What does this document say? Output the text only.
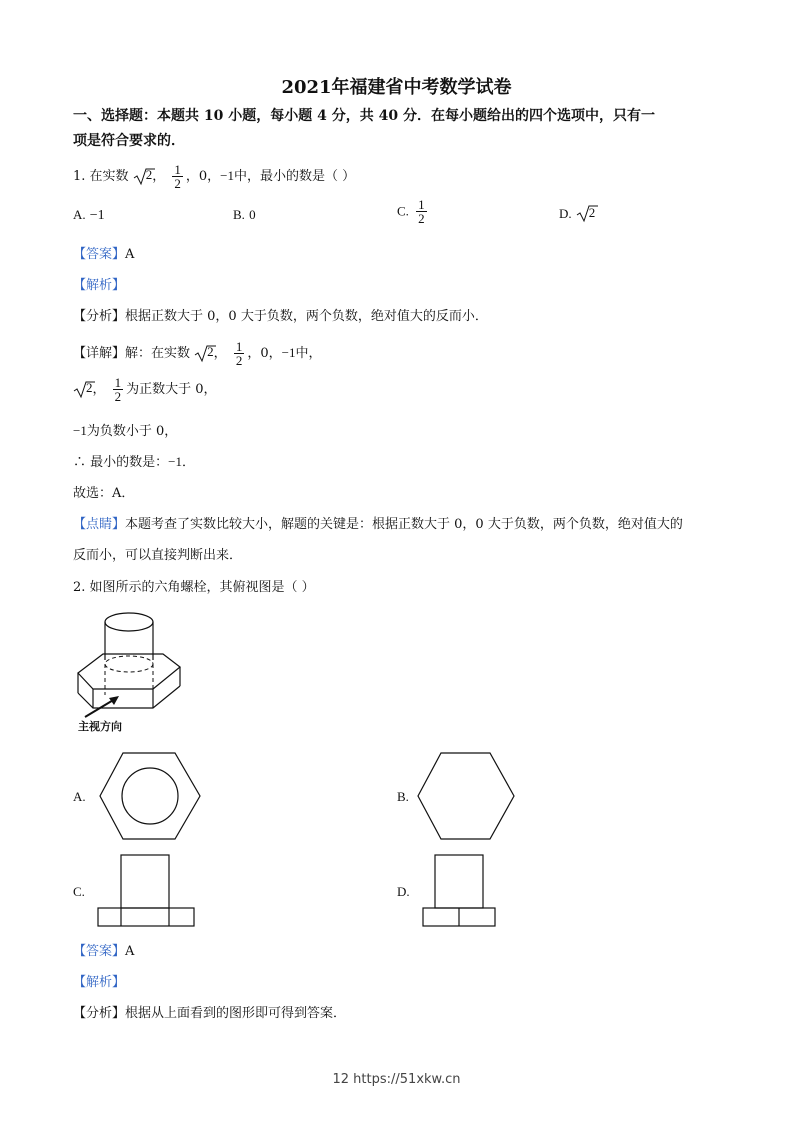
2021年福建省中考数学试卷
一、选择题：本题共 10 小题，每小题 4 分，共 40 分．在每小题给出的四个选项中，只有一
项是符合要求的．
1. 在实数 2， $\frac{1}{2}$ ，0，−1中，最小的数是（ ）
A. −1	B. 0	C. $\frac{1}{2}$	D. 2
【答案】A
【解析】
【分析】根据正数大于 0，0 大于负数，两个负数，绝对值大的反而小．
【详解】解：在实数 2， $\frac{1}{2}$ ，0，−1中，
2， $\frac{1}{2}$ 为正数大于 0，
−1为负数小于 0，
∴ 最小的数是：−1．
故选：A．
【点睛】本题考查了实数比较大小，解题的关键是：根据正数大于 0，0 大于负数，两个负数，绝对值大的
反而小，可以直接判断出来．
2. 如图所示的六角螺栓，其俯视图是（ ）
主视方向
A.	B.
C.	D.
【答案】A
【解析】
【分析】根据从上面看到的图形即可得到答案．
12 https://51xkw.cn
